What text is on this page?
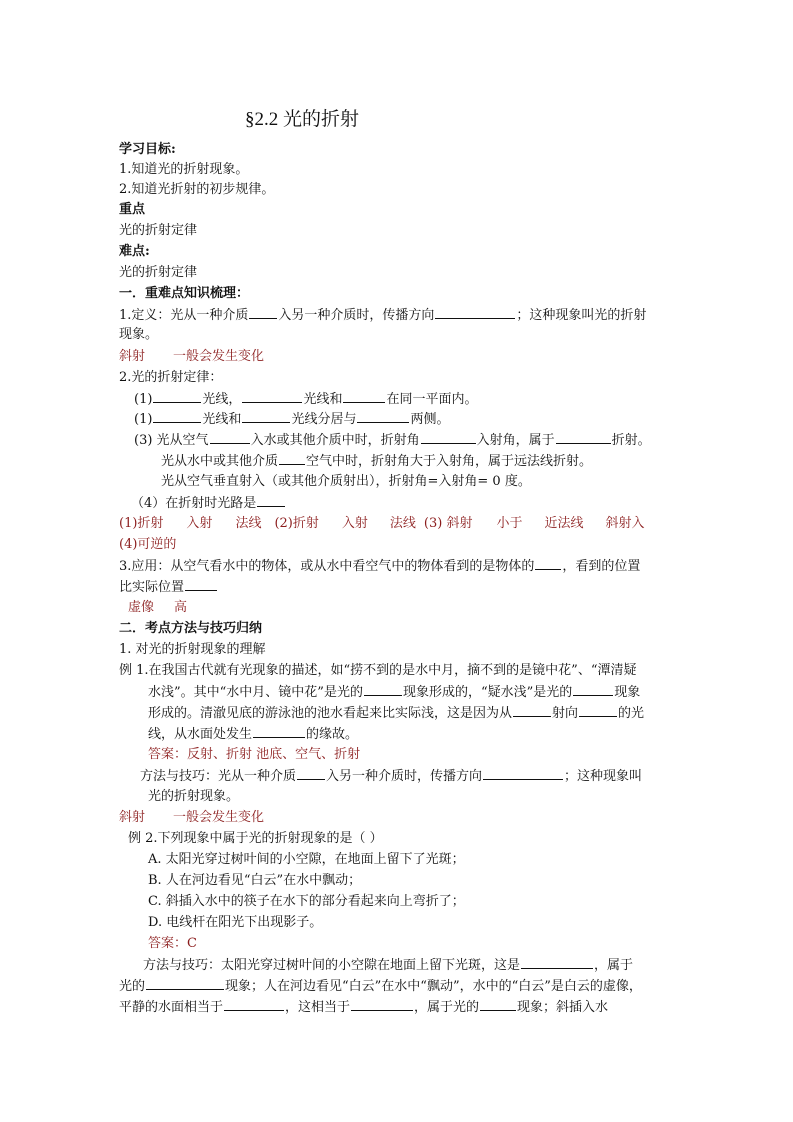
§2.2 光的折射
学习目标:
1.知道光的折射现象。
2.知道光折射的初步规律。
重点
光的折射定律
难点:
光的折射定律
一．重难点知识梳理：
1.定义：光从一种介质 入另一种介质时，传播方向	；这种现象叫光的折射
现象。
斜射 一般会发生变化
2.光的折射定律：
(1)	光线，	光线和	在同一平面内。
(1)	光线和	光线分居与	两侧。
(3) 光从空气	入水或其他介质中时，折射角	入射角，属于	折射。
光从水中或其他介质 空气中时，折射角大于入射角，属于远法线折射。
光从空气垂直射入（或其他介质射出），折射角=入射角= 0 度。
（4）在折射时光路是
(1)折射 入射 法线 (2)折射 入射 法线 (3) 斜射 小于 近法线 斜射入
(4)可逆的
3.应用：从空气看水中的物体，或从水中看空气中的物体看到的是物体的 ，看到的位置
比实际位置
虚像 高
二．考点方法与技巧归纳
1. 对光的折射现象的理解
例 1.在我国古代就有光现象的描述，如“捞不到的是水中月，摘不到的是镜中花”、“潭清疑
水浅”。其中“水中月、镜中花”是光的	现象形成的，“疑水浅”是光的	现象
形成的。清澈见底的游泳池的池水看起来比实际浅，这是因为从	射向	的光
线，从水面处发生	的缘故。
答案：反射、折射 池底、空气、折射
方法与技巧：光从一种介质 入另一种介质时，传播方向	；这种现象叫
光的折射现象。
斜射 一般会发生变化
例 2.下列现象中属于光的折射现象的是（ ）
A. 太阳光穿过树叶间的小空隙，在地面上留下了光斑；
B. 人在河边看见“白云”在水中飘动；
C. 斜插入水中的筷子在水下的部分看起来向上弯折了；
D. 电线杆在阳光下出现影子。
答案：C
方法与技巧：太阳光穿过树叶间的小空隙在地面上留下光斑，这是	，属于
光的	现象；人在河边看见“白云”在水中“飘动”，水中的“白云”是白云的虚像，
平静的水面相当于	，这相当于	，属于光的	现象；斜插入水
